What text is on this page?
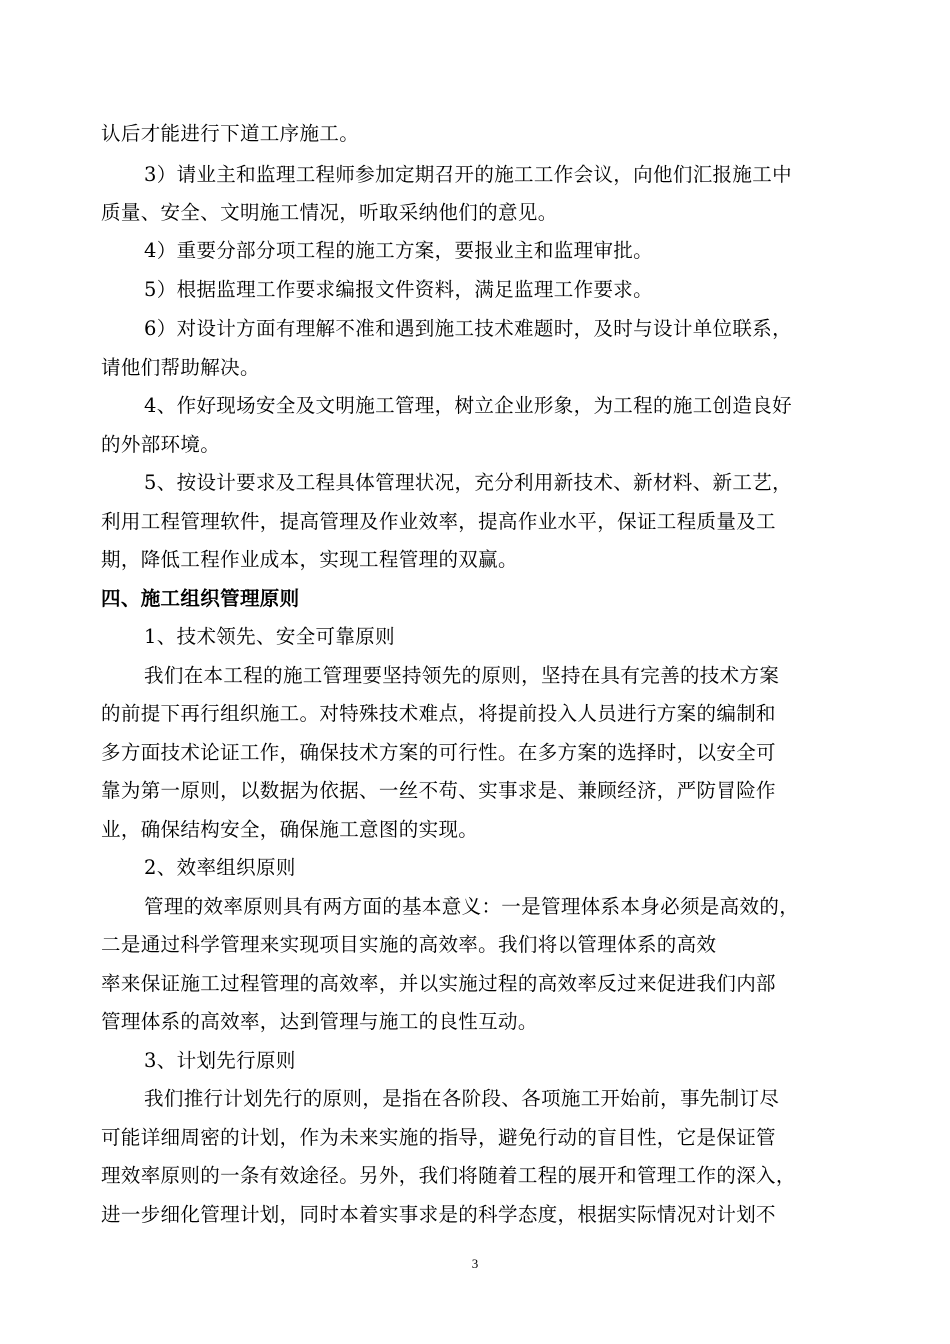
认后才能进行下道工序施工。
3）请业主和监理工程师参加定期召开的施工工作会议，向他们汇报施工中
质量、安全、文明施工情况，听取采纳他们的意见。
4）重要分部分项工程的施工方案，要报业主和监理审批。
5）根据监理工作要求编报文件资料，满足监理工作要求。
6）对设计方面有理解不准和遇到施工技术难题时，及时与设计单位联系，
请他们帮助解决。
4、作好现场安全及文明施工管理，树立企业形象，为工程的施工创造良好
的外部环境。
5、按设计要求及工程具体管理状况，充分利用新技术、新材料、新工艺，
利用工程管理软件，提高管理及作业效率，提高作业水平，保证工程质量及工
期，降低工程作业成本，实现工程管理的双赢。
四、施工组织管理原则
1、技术领先、安全可靠原则
我们在本工程的施工管理要坚持领先的原则，坚持在具有完善的技术方案
的前提下再行组织施工。对特殊技术难点，将提前投入人员进行方案的编制和
多方面技术论证工作，确保技术方案的可行性。在多方案的选择时，以安全可
靠为第一原则，以数据为依据、一丝不苟、实事求是、兼顾经济，严防冒险作
业，确保结构安全，确保施工意图的实现。
2、效率组织原则
管理的效率原则具有两方面的基本意义：一是管理体系本身必须是高效的，
二是通过科学管理来实现项目实施的高效率。我们将以管理体系的高效
率来保证施工过程管理的高效率，并以实施过程的高效率反过来促进我们内部
管理体系的高效率，达到管理与施工的良性互动。
3、计划先行原则
我们推行计划先行的原则，是指在各阶段、各项施工开始前，事先制订尽
可能详细周密的计划，作为未来实施的指导，避免行动的盲目性，它是保证管
理效率原则的一条有效途径。另外，我们将随着工程的展开和管理工作的深入，
进一步细化管理计划，同时本着实事求是的科学态度，根据实际情况对计划不
3
